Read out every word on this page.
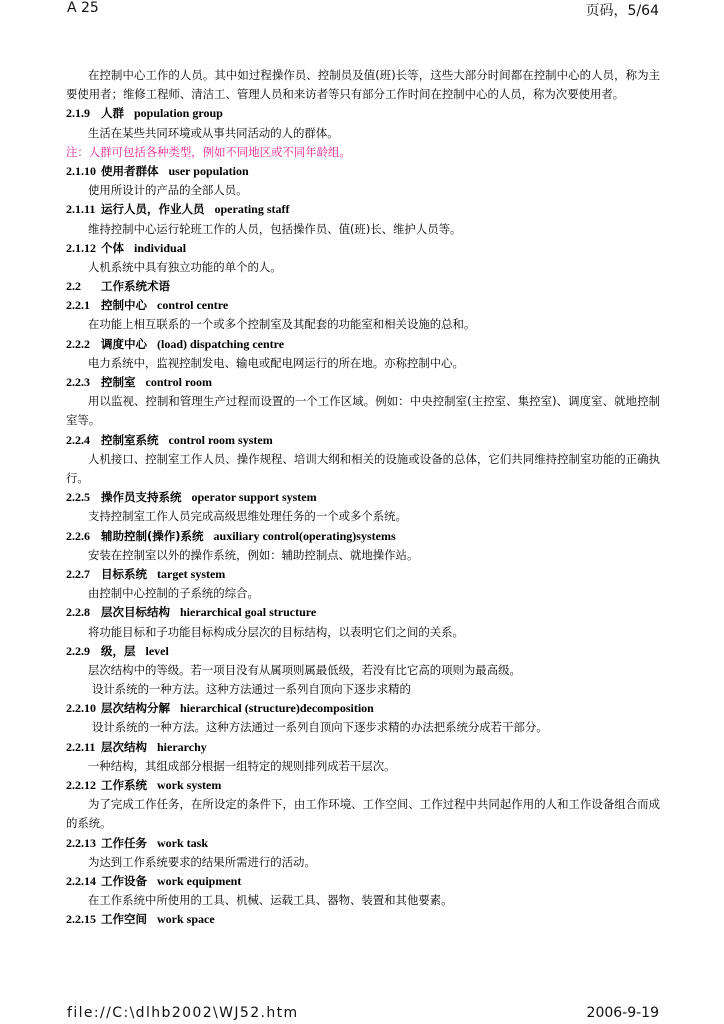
A 25	页码，5/64
在控制中心工作的人员。其中如过程操作员、控制员及值(班)长等，这些大部分时间都在控制中心的人员，称为主要使用者；维修工程师、清洁工、管理人员和来访者等只有部分工作时间在控制中心的人员，称为次要使用者。
2.1.9 人群 population group
生活在某些共同环境或从事共同活动的人的群体。
注：人群可包括各种类型，例如不同地区或不同年龄组。
2.1.10 使用者群体 user population
使用所设计的产品的全部人员。
2.1.11 运行人员，作业人员 operating staff
维持控制中心运行轮班工作的人员，包括操作员、值(班)长、维护人员等。
2.1.12 个体 individual
人机系统中具有独立功能的单个的人。
2.2 工作系统术语
2.2.1 控制中心 control centre
在功能上相互联系的一个或多个控制室及其配套的功能室和相关设施的总和。
2.2.2 调度中心 (load) dispatching centre
电力系统中，监视控制发电、输电或配电网运行的所在地。亦称控制中心。
2.2.3 控制室 control room
用以监视、控制和管理生产过程而设置的一个工作区域。例如：中央控制室(主控室、集控室)、调度室、就地控制室等。
2.2.4 控制室系统 control room system
人机接口、控制室工作人员、操作规程、培训大纲和相关的设施或设备的总体，它们共同维持控制室功能的正确执行。
2.2.5 操作员支持系统 operator support system
支持控制室工作人员完成高级思维处理任务的一个或多个系统。
2.2.6 辅助控制(操作)系统 auxiliary control(operating)systems
安装在控制室以外的操作系统，例如：辅助控制点、就地操作站。
2.2.7 目标系统 target system
由控制中心控制的子系统的综合。
2.2.8 层次目标结构 hierarchical goal structure
将功能目标和子功能目标构成分层次的目标结构，以表明它们之间的关系。
2.2.9 级，层 level
层次结构中的等级。若一项目没有从属项则属最低级，若没有比它高的项则为最高级。
设计系统的一种方法。这种方法通过一系列自顶向下逐步求精的
2.2.10 层次结构分解 hierarchical (structure)decomposition
设计系统的一种方法。这种方法通过一系列自顶向下逐步求精的办法把系统分成若干部分。
2.2.11 层次结构 hierarchy
一种结构，其组成部分根据一组特定的规则排列成若干层次。
2.2.12 工作系统 work system
为了完成工作任务，在所设定的条件下，由工作环境、工作空间、工作过程中共同起作用的人和工作设备组合而成的系统。
2.2.13 工作任务 work task
为达到工作系统要求的结果所需进行的活动。
2.2.14 工作设备 work equipment
在工作系统中所使用的工具、机械、运载工具、器物、装置和其他要素。
2.2.15 工作空间 work space
file://C:\dlhb2002\WJ52.htm	2006-9-19
